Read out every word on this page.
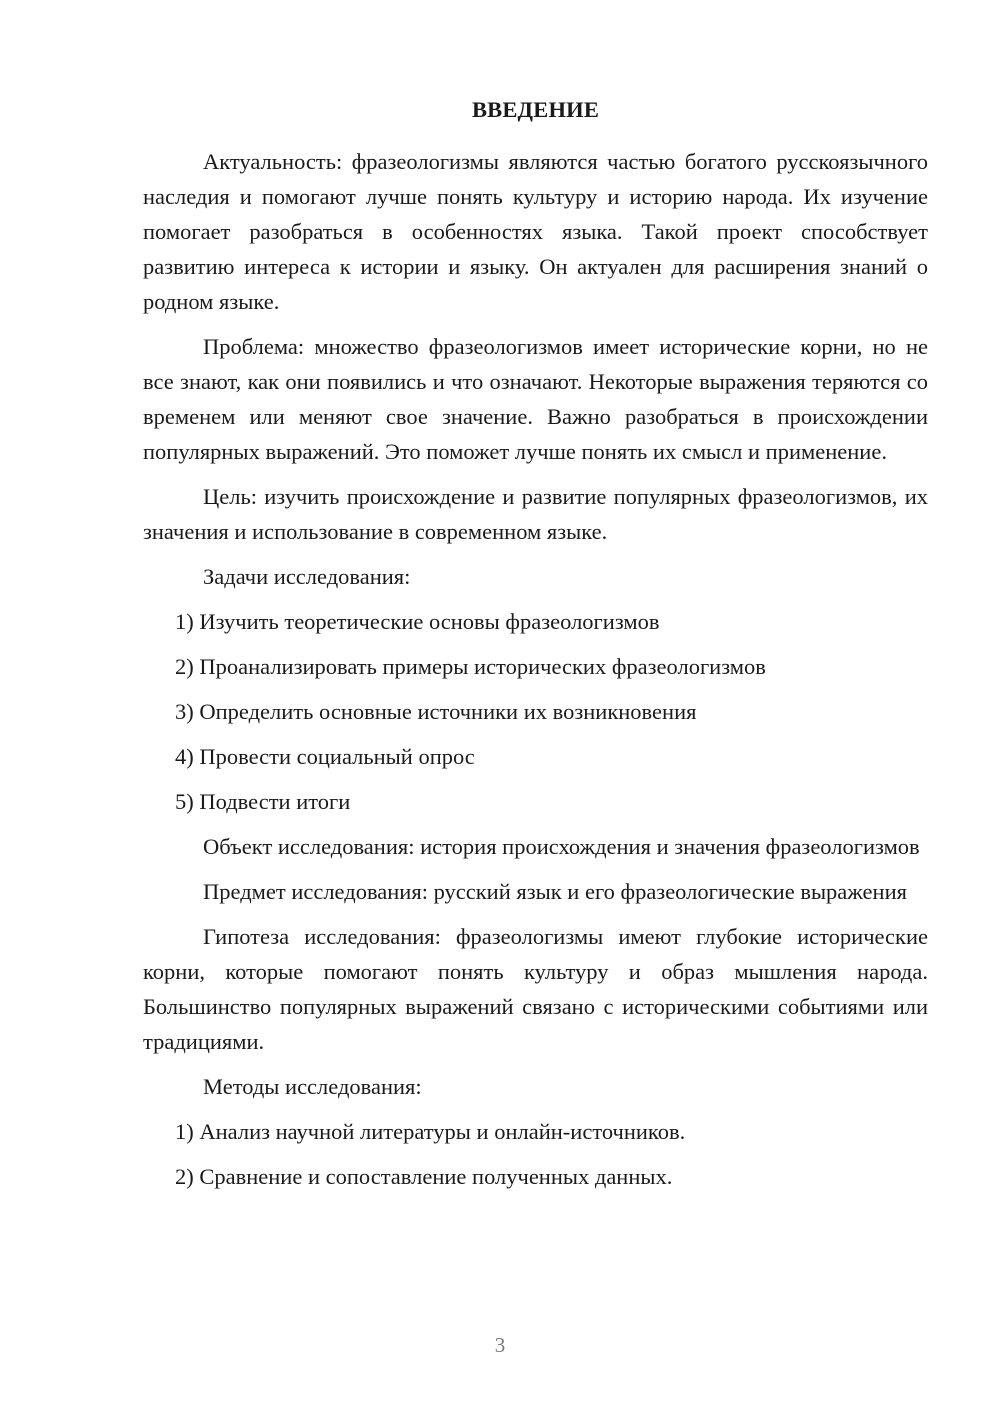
ВВЕДЕНИЕ

Актуальность: фразеологизмы являются частью богатого русскоязычного наследия и помогают лучше понять культуру и историю народа. Их изучение помогает разобраться в особенностях языка. Такой проект способствует развитию интереса к истории и языку. Он актуален для расширения знаний о родном языке.

Проблема: множество фразеологизмов имеет исторические корни, но не все знают, как они появились и что означают. Некоторые выражения теряются со временем или меняют свое значение. Важно разобраться в происхождении популярных выражений. Это поможет лучше понять их смысл и применение.

Цель: изучить происхождение и развитие популярных фразеологизмов, их значения и использование в современном языке.

Задачи исследования:

1) Изучить теоретические основы фразеологизмов

2) Проанализировать примеры исторических фразеологизмов

3) Определить основные источники их возникновения

4) Провести социальный опрос

5) Подвести итоги

Объект исследования: история происхождения и значения фразеологизмов

Предмет исследования: русский язык и его фразеологические выражения

Гипотеза исследования: фразеологизмы имеют глубокие исторические корни, которые помогают понять культуру и образ мышления народа. Большинство популярных выражений связано с историческими событиями или традициями.

Методы исследования:

1) Анализ научной литературы и онлайн-источников.

2) Сравнение и сопоставление полученных данных.

3
